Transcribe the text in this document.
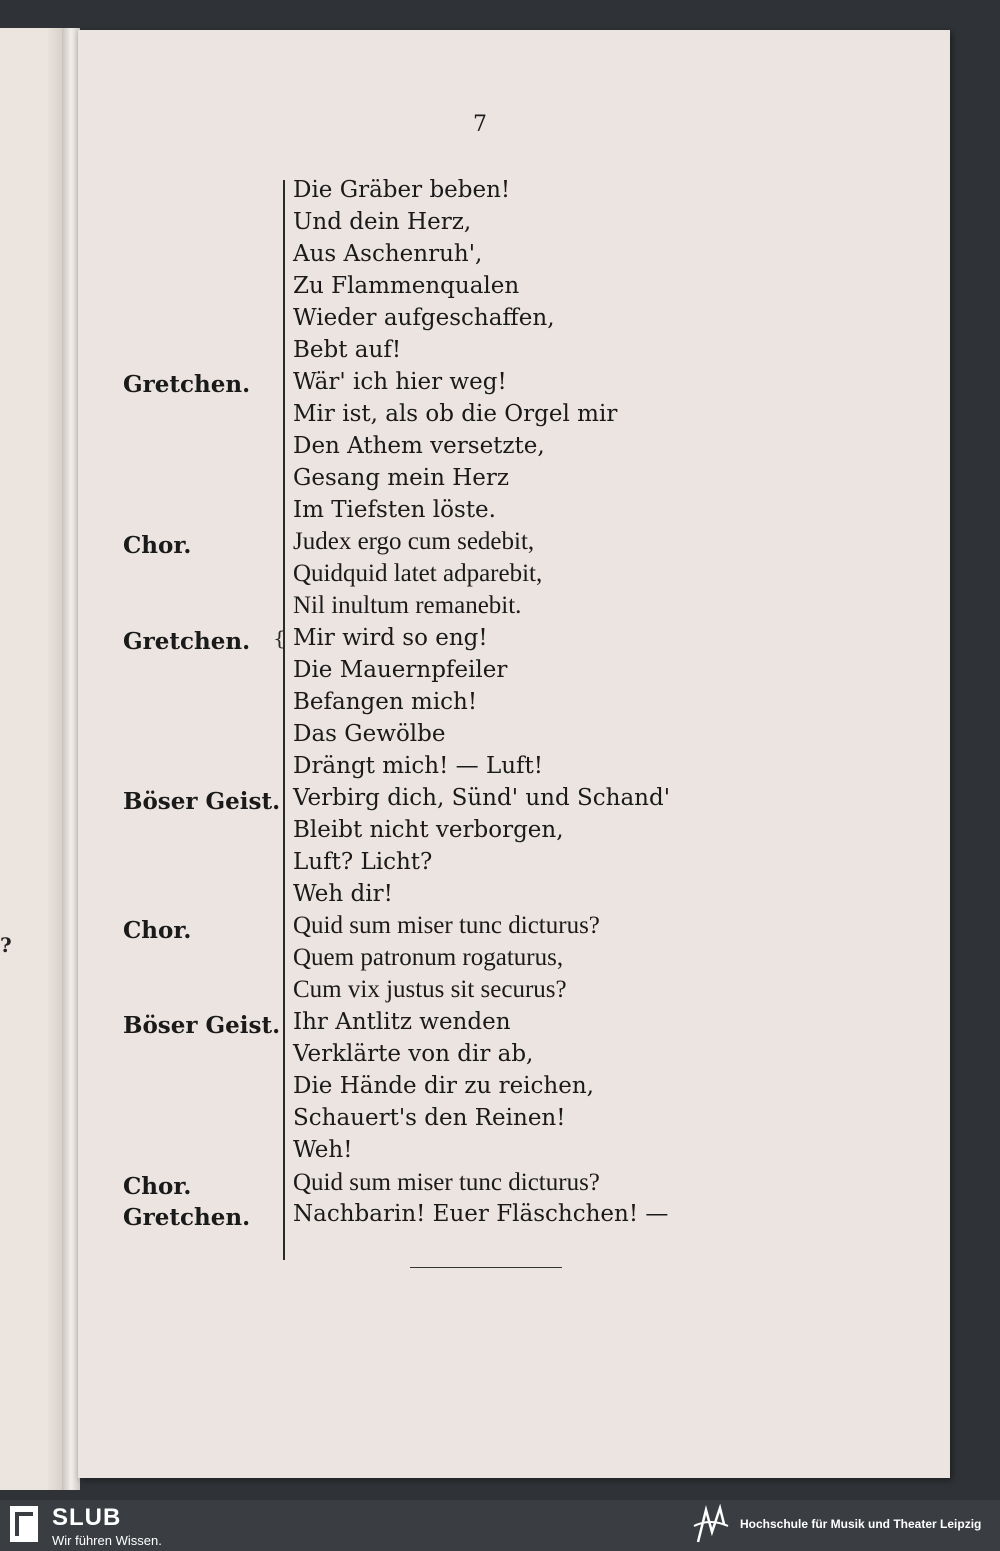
?
7
{
Gretchen.
Chor.
Gretchen.
Böser Geist.
Chor.
Böser Geist.
Chor.
Gretchen.
Die Gräber beben!
Und dein Herz,
Aus Aschenruh',
Zu Flammenqualen
Wieder aufgeschaffen,
Bebt auf!
Wär' ich hier weg!
Mir ist, als ob die Orgel mir
Den Athem versetzte,
Gesang mein Herz
Im Tiefsten löste.
Judex ergo cum sedebit,
Quidquid latet adparebit,
Nil inultum remanebit.
Mir wird so eng!
Die Mauernpfeiler
Befangen mich!
Das Gewölbe
Drängt mich! — Luft!
Verbirg dich, Sünd' und Schand'
Bleibt nicht verborgen,
Luft? Licht?
Weh dir!
Quid sum miser tunc dicturus?
Quem patronum rogaturus,
Cum vix justus sit securus?
Ihr Antlitz wenden
Verklärte von dir ab,
Die Hände dir zu reichen,
Schauert's den Reinen!
Weh!
Quid sum miser tunc dicturus?
Nachbarin! Euer Fläschchen! —
SLUB
Wir führen Wissen.
Hochschule für Musik und Theater Leipzig
